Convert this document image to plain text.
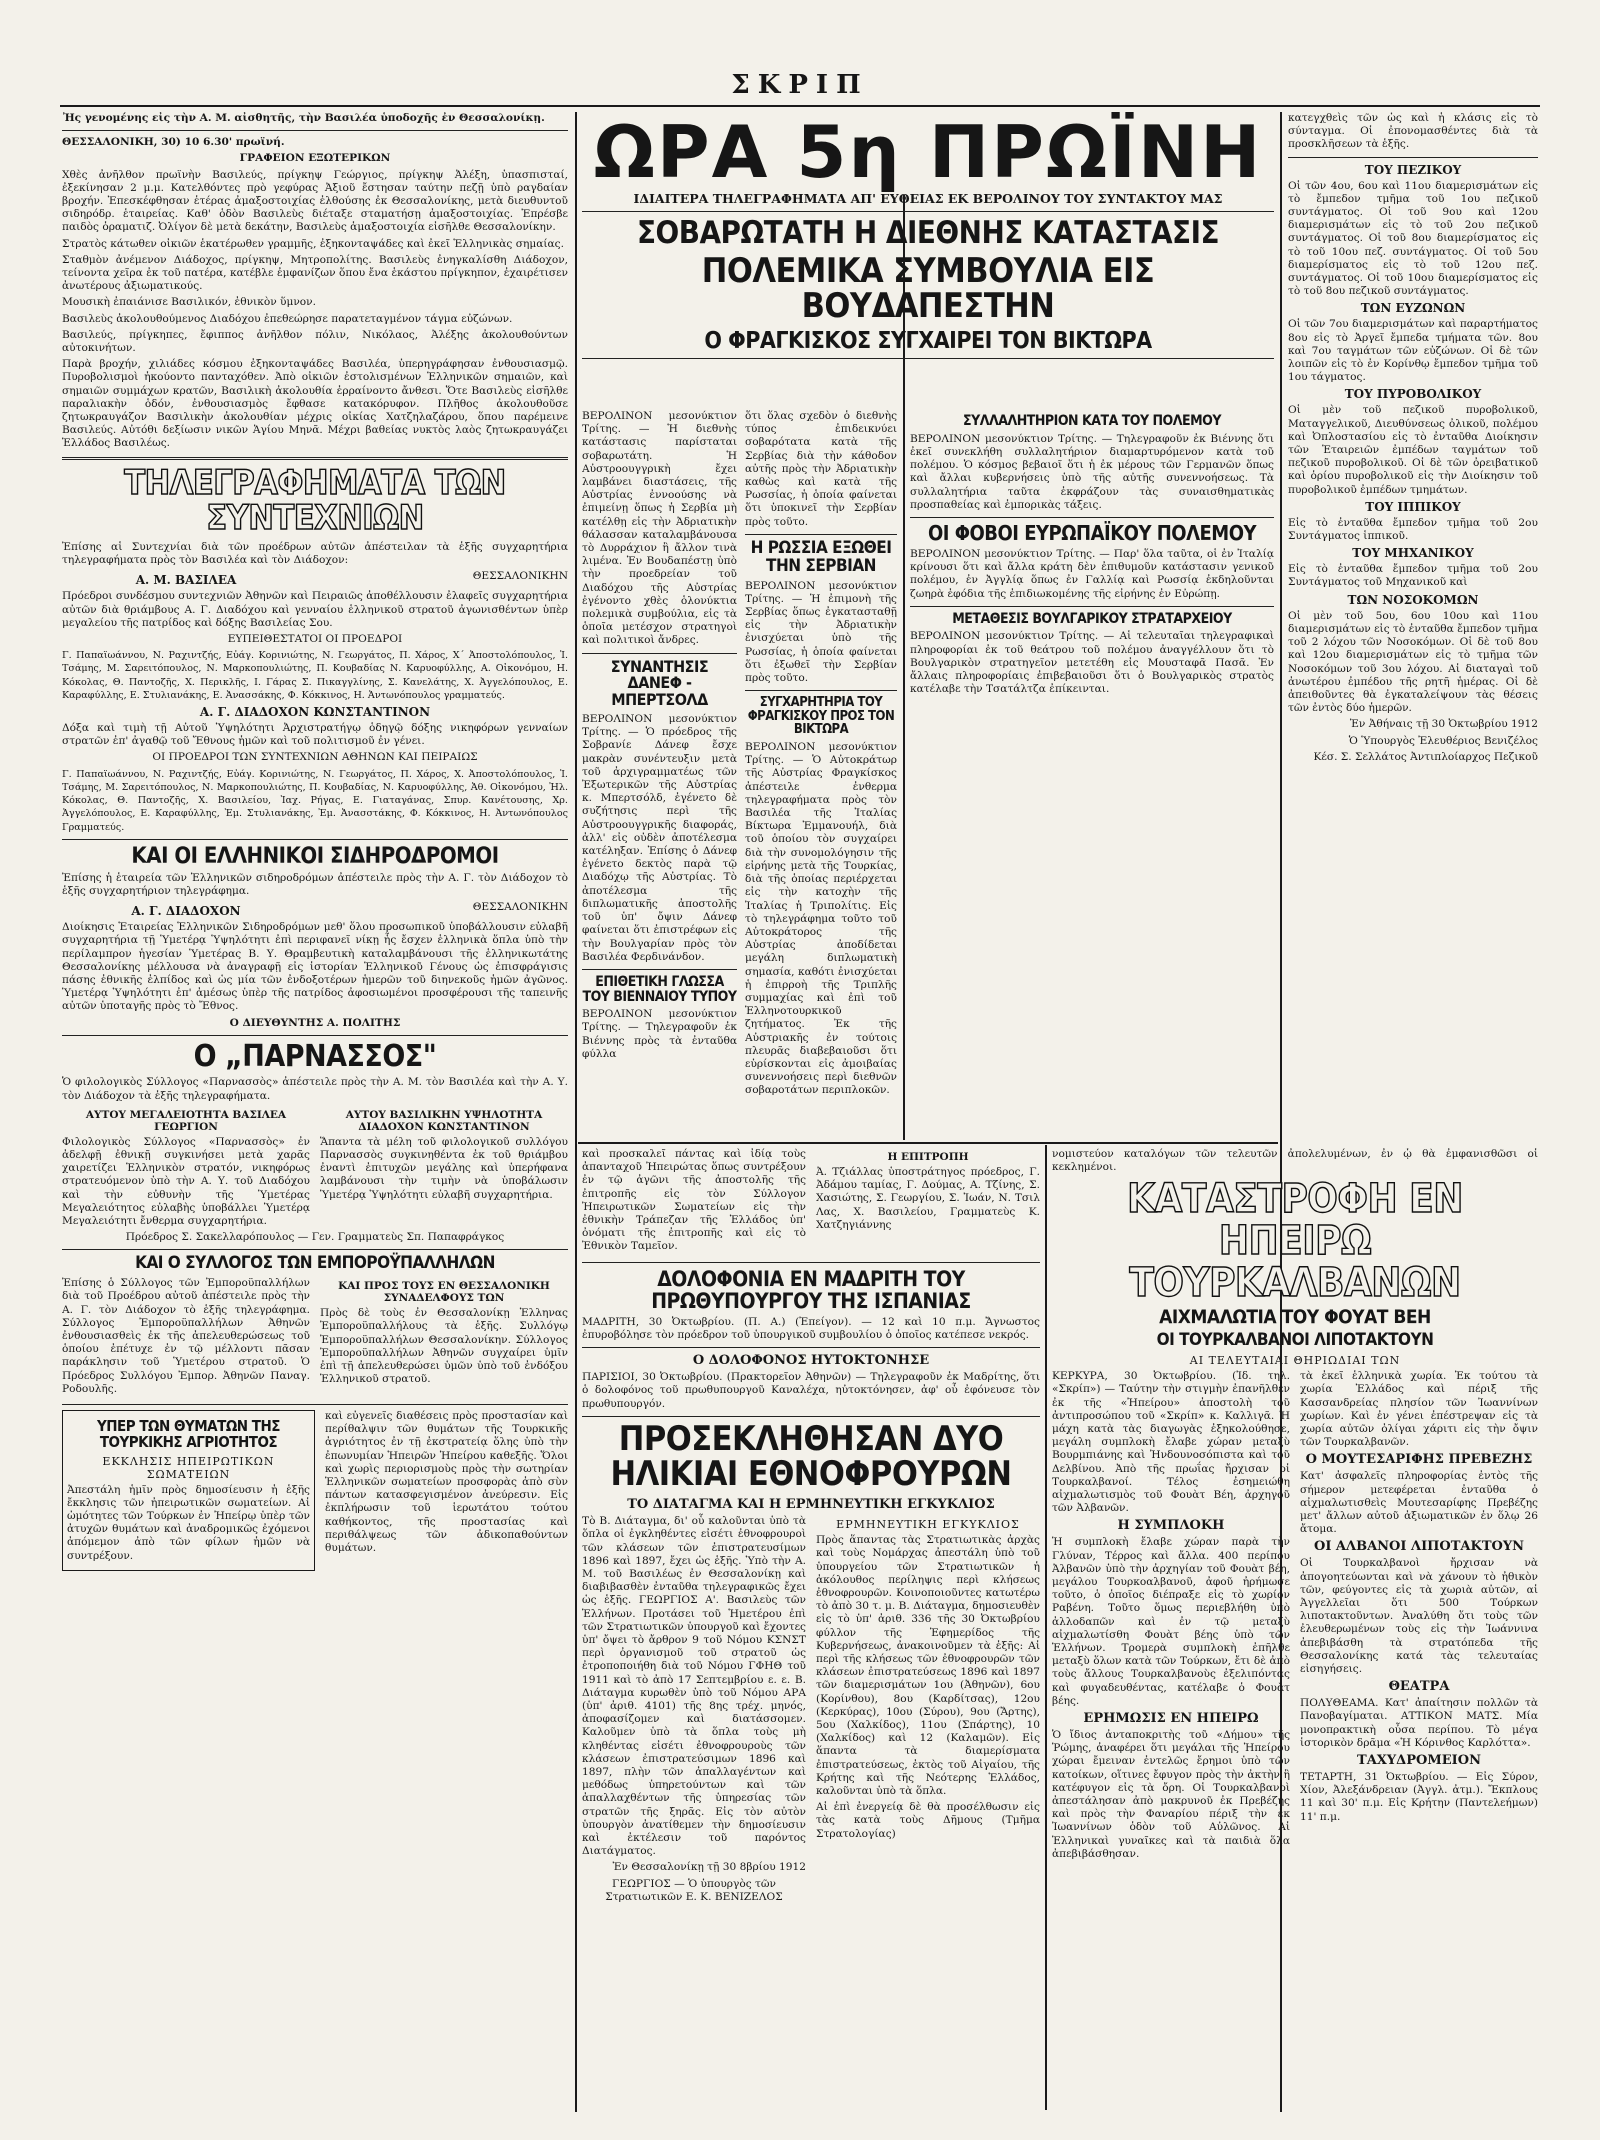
ΣΚΡΙΠ

Ἦς γενομένης εἰς τὴν Α. Μ. αἰσθητῆς, τὴν Βασιλέα ὑποδοχῆς ἐν Θεσσαλονίκῃ.

ΘΕΣΣΑΛΟΝΙΚΗ, 30) 10 6.30' πρωϊνή.

ΓΡΑΦΕΙΟΝ ΕΞΩΤΕΡΙΚΩΝ

Χθὲς ἀνῆλθον πρωϊνὴν Βασιλεύς, πρίγκηψ Γεώργιος, πρίγκηψ Ἀλέξη, ὑπασπισταί, ἐξεκίνησαν 2 μ.μ. Κατελθόντες πρὸ γεφύρας Ἀξιοῦ ἔστησαν ταύτην πεζῇ ὑπὸ ραγδαίαν βροχήν. Ἐπεσκέφθησαν ἑτέρας ἀμαξοστοιχίας ἐλθούσης ἐκ Θεσσαλονίκης, μετὰ διευθυντοῦ σιδηρόδρ. ἑταιρείας. Καθ' ὁδὸν Βασιλεὺς διέταξε σταματήσῃ ἀμαξοστοιχίας. Ἐπρέσβε παιδὸς ὁραματιζ. Ὀλίγον δὲ μετὰ δεκάτην, Βασιλεὺς ἁμαξοστοιχία εἰσῆλθε Θεσσαλονίκην.

Στρατὸς κάτωθεν οἰκιῶν ἑκατέρωθεν γραμμῆς, ἐξηκονταψάδες καὶ ἐκεῖ Ἑλληνικὰς σημαίας.

Σταθμὸν ἀνέμενον Διάδοχος, πρίγκηψ, Μητροπολίτης. Βασιλεὺς ἐνηγκαλίσθη Διάδοχον, τείνοντα χεῖρα ἐκ τοῦ πατέρα, κατέβλε ἐμφανίζων ὅπου ἔνα ἑκάστου πρίγκηπον, ἐχαιρέτισεν ἀνωτέρους ἀξιωματικούς.

Μουσικὴ ἐπαιάνισε Βασιλικόν, ἐθνικὸν ὕμνον.

Βασιλεὺς ἀκολουθούμενος Διαδόχου ἐπεθεώρησε παρατεταγμένον τάγμα εὐζώνων.

Βασιλεύς, πρίγκηπες, ἔφιππος ἀνῆλθον πόλιν, Νικόλαος, Ἀλέξης ἀκολουθούντων αὐτοκινήτων.

Παρὰ βροχήν, χιλιάδες κόσμου ἐξηκονταψάδες Βασιλέα, ὑπερηγράφησαν ἐνθουσιασμῷ. Πυροβολισμοὶ ἠκούοντο πανταχόθεν. Ἀπὸ οἰκιῶν ἐστολισμένων Ἑλληνικῶν σημαιῶν, καὶ σημαιῶν συμμάχων κρατῶν, Βασιλικὴ ἀκολουθία ἐρραίνοντο ἄνθεσι. Ὅτε Βασιλεὺς εἰσῆλθε παραλιακὴν ὁδόν, ἐνθουσιασμὸς ἔφθασε κατακόρυφον. Πλῆθος ἀκολουθοῦσε ζητωκραυγάζον Βασιλικὴν ἀκολουθίαν μέχρις οἰκίας Χατζηλαζάρου, ὅπου παρέμεινε Βασιλεύς. Αὐτόθι δεξίωσιν νικῶν Ἁγίου Μηνᾶ. Μέχρι βαθείας νυκτὸς λαὸς ζητωκραυγάζει Ἑλλάδος Βασιλέως.

ΤΗΛΕΓΡΑΦΗΜΑΤΑ ΤΩΝ ΣΥΝΤΕΧΝΙΩΝ

Ἐπίσης αἱ Συντεχνίαι διὰ τῶν προέδρων αὐτῶν ἀπέστειλαν τὰ ἑξῆς συγχαρητήρια τηλεγραφήματα πρὸς τὸν Βασιλέα καὶ τὸν Διάδοχον:

Α. Μ. ΒΑΣΙΛΕΑ	ΘΕΣΣΑΛΟΝΙΚΗΝ

Πρόεδροι συνδέσμου συντεχνιῶν Ἀθηνῶν καὶ Πειραιῶς ἀποθέλλουσιν ἐλαφεῖς συγχαρητήρια αὐτῶν διὰ θριάμβους Α. Γ. Διαδόχου καὶ γενναίου ἑλληνικοῦ στρατοῦ ἀγωνισθέντων ὑπὲρ μεγαλείου τῆς πατρίδος καὶ δόξης Βασιλείας Σου.

ΕΥΠΕΙΘΕΣΤΑΤΟΙ ΟΙ ΠΡΟΕΔΡΟΙ

Γ. Παπαϊωάννου, Ν. Ραχιντζής, Εὐάγ. Κορινιώτης, Ν. Γεωργάτος, Π. Χάρος, Χ΄ Ἀποστολόπουλος, Ἰ. Τσάμης, Μ. Σαρειτόπουλος, Ν. Μαρκοπουλιώτης, Π. Κουβαδίας Ν. Καρυοφύλλης, Α. Οἰκονόμου, Η. Κόκολας, Θ. Παντοζῆς, Χ. Περικλῆς, Ι. Γάρας Σ. Πικαγγλίνης, Σ. Κανελάτης, Χ. Ἀγγελόπουλος, Ε. Καραφύλλης, Ε. Στυλιανάκης, Ε. Ἀνασσάκης, Φ. Κόκκινος, Η. Ἀντωνόπουλος γραμματεύς.

Α. Γ. ΔΙΑΔΟΧΟΝ ΚΩΝΣΤΑΝΤΙΝΟΝ

Δόξα καὶ τιμὴ τῇ Αὐτοῦ Ὑψηλότητι Ἀρχιστρατήγῳ ὁδηγῷ δόξης νικηφόρων γενναίων στρατῶν ἐπ' ἀγαθῷ τοῦ Ἔθνους ἡμῶν καὶ τοῦ πολιτισμοῦ ἐν γένει.

ΟΙ ΠΡΟΕΔΡΟΙ ΤΩΝ ΣΥΝΤΕΧΝΙΩΝ ΑΘΗΝΩΝ ΚΑΙ ΠΕΙΡΑΙΩΣ

Γ. Παπαϊωάννου, Ν. Ραχιντζής, Εὐάγ. Κορινιώτης, Ν. Γεωργάτος, Π. Χάρος, Χ. Ἀποστολόπουλος, Ἰ. Τσάμης, Μ. Σαρειτόπουλος, Ν. Μαρκοπουλιώτης, Π. Κουβαδίας, Ν. Καρυοφύλλης, Ἀθ. Οἰκονόμου, Ἠλ. Κόκολας, Θ. Παντοζῆς, Χ. Βασιλείου, Ἰαχ. Ρήγας, Ε. Γιαταγάνας, Σπυρ. Κανέτουσης, Χρ. Ἀγγελόπουλος, Ε. Καραφύλλης, Ἐμ. Στυλιανάκης, Ἐμ. Ἀνασστάκης, Φ. Κόκκινος, Η. Ἀντωνόπουλος Γραμματεύς.

ΚΑΙ ΟΙ ΕΛΛΗΝΙΚΟΙ ΣΙΔΗΡΟΔΡΟΜΟΙ

Ἐπίσης ἡ ἑταιρεία τῶν Ἑλληνικῶν σιδηροδρόμων ἀπέστειλε πρὸς τὴν Α. Γ. τὸν Διάδοχον τὸ ἑξῆς συγχαρητήριον τηλεγράφημα.

Α. Γ. ΔΙΑΔΟΧΟΝ	ΘΕΣΣΑΛΟΝΙΚΗΝ

Διοίκησις Ἑταιρείας Ἑλληνικῶν Σιδηροδρόμων μεθ' ὅλου προσωπικοῦ ὑποβάλλουσιν εὐλαβῆ συγχαρητήρια τῇ Ὑμετέρᾳ Ὑψηλότητι ἐπὶ περιφανεῖ νίκῃ ἧς ἔσχεν ἑλληνικὰ ὅπλα ὑπὸ τὴν περίλαμπρον ἡγεσίαν Ὑμετέρας Β. Υ. Θραμβευτικὴ καταλαμβάνουσι τῆς ἑλληνικωτάτης Θεσσαλονίκης μέλλουσα νὰ ἀναγραφῇ εἰς ἱστορίαν Ἑλληνικοῦ Γένους ὡς ἐπισφράγισις πάσης ἐθνικῆς ἐλπίδος καὶ ὡς μία τῶν ἐνδοξοτέρων ἡμερῶν τοῦ διηνεκοῦς ἡμῶν ἀγῶνος. Ὑμετέρᾳ Ὑψηλότητι ἐπ' ἀμέσως ὑπὲρ τῆς πατρίδος ἀφοσιωμένοι προσφέρουσι τῆς ταπεινῆς αὐτῶν ὑποταγῆς πρὸς τὸ Ἔθνος.

Ο ΔΙΕΥΘΥΝΤΗΣ Α. ΠΟΛΙΤΗΣ

Ο „ΠΑΡΝΑΣΣΟΣ"

Ὁ φιλολογικὸς Σύλλογος «Παρνασσὸς» ἀπέστειλε πρὸς τὴν Α. Μ. τὸν Βασιλέα καὶ τὴν Α. Υ. τὸν Διάδοχον τὰ ἑξῆς τηλεγραφήματα.

ΑΥΤΟΥ ΜΕΓΑΛΕΙΟΤΗΤΑ ΒΑΣΙΛΕΑ ΓΕΩΡΓΙΟΝ

Φιλολογικὸς Σύλλογος «Παρνασσὸς» ἐν ἀδελφῇ ἐθνικῇ συγκινήσει μετὰ χαρᾶς χαιρετίζει Ἑλληνικὸν στρατόν, νικηφόρως στρατευόμενον ὑπὸ τὴν Α. Υ. τοῦ Διαδόχου καὶ τὴν εὐθυνὴν τῆς Ὑμετέρας Μεγαλειότητος εὐλαβὴς ὑποβάλλει Ὑμετέρᾳ Μεγαλειότητι ἔνθερμα συγχαρητήρια.

ΑΥΤΟΥ ΒΑΣΙΛΙΚΗΝ ΥΨΗΛΟΤΗΤΑ ΔΙΑΔΟΧΟΝ ΚΩΝΣΤΑΝΤΙΝΟΝ

Ἅπαντα τὰ μέλη τοῦ φιλολογικοῦ συλλόγου Παρνασσὸς συγκινηθέντα ἐκ τοῦ θριάμβου ἐναντὶ ἐπιτυχῶν μεγάλης καὶ ὑπερήφανα λαμβάνουσι τὴν τιμὴν νὰ ὑποβάλωσιν Ὑμετέρᾳ Ὑψηλότητι εὐλαβῆ συγχαρητήρια.

Πρόεδρος Σ. Σακελλαρόπουλος — Γεν. Γραμματεὺς Σπ. Παπαφράγκος

ΚΑΙ Ο ΣΥΛΛΟΓΟΣ ΤΩΝ ΕΜΠΟΡΟΫΠΑΛΛΗΛΩΝ

Ἐπίσης ὁ Σύλλογος τῶν Ἐμποροϋπαλλήλων διὰ τοῦ Προέδρου αὐτοῦ ἀπέστειλε πρὸς τὴν Α. Γ. τὸν Διάδοχον τὸ ἑξῆς τηλεγράφημα. Σύλλογος Ἐμποροϋπαλλήλων Ἀθηνῶν ἐνθουσιασθεὶς ἐκ τῆς ἀπελευθερώσεως τοῦ ὁποίου ἐπέτυχε ἐν τῷ μέλλοντι πᾶσαν παράκλησιν τοῦ Ὑμετέρου στρατοῦ. Ὁ Πρόεδρος Συλλόγου Ἐμπορ. Ἀθηνῶν Παναγ. Ροδουλῆς.

ΚΑΙ ΠΡΟΣ ΤΟΥΣ ΕΝ ΘΕΣΣΑΛΟΝΙΚΗ ΣΥΝΑΔΕΛΦΟΥΣ ΤΩΝ

Πρὸς δὲ τοὺς ἐν Θεσσαλονίκῃ Ἑλληνας Ἐμποροϋπαλλήλους τὰ ἑξῆς. Συλλόγῳ Ἐμποροϋπαλλήλων Θεσσαλονίκην. Σύλλογος Ἐμποροϋπαλλήλων Ἀθηνῶν συγχαίρει ὑμῖν ἐπὶ τῇ ἀπελευθερώσει ὑμῶν ὑπὸ τοῦ ἐνδόξου Ἑλληνικοῦ στρατοῦ.

ΥΠΕΡ ΤΩΝ ΘΥΜΑΤΩΝ ΤΗΣ ΤΟΥΡΚΙΚΗΣ ΑΓΡΙΟΤΗΤΟΣ
ΕΚΚΛΗΣΙΣ ΗΠΕΙΡΩΤΙΚΩΝ ΣΩΜΑΤΕΙΩΝ

Ἀπεστάλη ἡμῖν πρὸς δημοσίευσιν ἡ ἑξῆς ἔκκλησις τῶν ἠπειρωτικῶν σωματείων. Αἱ ὠμότητες τῶν Τούρκων ἐν Ἠπείρῳ ὑπὲρ τῶν ἀτυχῶν θυμάτων καὶ ἀναδρομικῶς ἐχόμενοι ἀπόμεμον ἀπὸ τῶν φίλων ἡμῶν νὰ συντρέξουν.

καὶ εὐγενεῖς διαθέσεις πρὸς προστασίαν καὶ περίθαλψιν τῶν θυμάτων τῆς Τουρκικῆς ἀγριότητος ἐν τῇ ἐκστρατείᾳ ὅλης ὑπὸ τὴν ἐπωνυμίαν Ἡπειρῶν Ἠπείρου καθεξῆς. Ὅλοι καὶ χωρὶς περιορισμοὺς πρὸς τὴν σωτηρίαν Ἑλληνικῶν σωματείων προσφορὰς ἀπὸ σὺν πάντων κατασφεγισμένον ἀνεύρεσιν. Εἰς ἐκπλήρωσιν τοῦ ἱερωτάτου τούτου καθήκοντος, τῆς προστασίας καὶ περιθάλψεως τῶν ἀδικοπαθούντων θυμάτων.

ΩΡΑ 5η ΠΡΩΪΝΗ
ΙΔΙΑΙΤΕΡΑ ΤΗΛΕΓΡΑΦΗΜΑΤΑ ΑΠ' ΕΥΘΕΙΑΣ ΕΚ ΒΕΡΟΛΙΝΟΥ ΤΟΥ ΣΥΝΤΑΚΤΟΥ ΜΑΣ
ΣΟΒΑΡΩΤΑΤΗ Η ΔΙΕΘΝΗΣ ΚΑΤΑΣΤΑΣΙΣ
ΠΟΛΕΜΙΚΑ ΣΥΜΒΟΥΛΙΑ ΕΙΣ ΒΟΥΔΑΠΕΣΤΗΝ
Ο ΦΡΑΓΚΙΣΚΟΣ ΣΥΓΧΑΙΡΕΙ ΤΟΝ ΒΙΚΤΩΡΑ

ΒΕΡΟΛΙΝΟΝ μεσονύκτιον Τρίτης. — Ἡ διεθνὴς κατάστασις παρίσταται σοβαρωτάτη. Ἡ Αὐστροουγγρικὴ ἔχει λαμβάνει διαστάσεις, τῆς Αὐστρίας ἐννοούσης νὰ ἐπιμείνῃ ὅπως ἡ Σερβία μὴ κατέλθῃ εἰς τὴν Ἀδριατικὴν θάλασσαν καταλαμβάνουσα τὸ Δυρράχιον ἢ ἄλλον τινὰ λιμένα. Ἐν Βουδαπέστῃ ὑπὸ τὴν προεδρείαν τοῦ Διαδόχου τῆς Αὐστρίας ἐγένοντο χθὲς ὁλονύκτια πολεμικὰ συμβούλια, εἰς τὰ ὁποῖα μετέσχον στρατηγοὶ καὶ πολιτικοὶ ἄνδρες.

ΣΥΝΑΝΤΗΣΙΣ ΔΑΝΕΦ - ΜΠΕΡΤΣΟΛΔ

ΒΕΡΟΛΙΝΟΝ μεσονύκτιον Τρίτης. — Ὁ πρόεδρος τῆς Σοβρανίε Δάνεφ ἔσχε μακρὰν συνέντευξιν μετὰ τοῦ ἀρχιγραμματέως τῶν Ἐξωτερικῶν τῆς Αὐστρίας κ. Μπερτσόλδ, ἐγένετο δὲ συζήτησις περὶ τῆς Αὐστροουγγρικῆς διαφοράς, ἀλλ' εἰς οὐδὲν ἀποτέλεσμα κατέληξαν. Ἐπίσης ὁ Δάνεφ ἐγένετο δεκτὸς παρὰ τῷ Διαδόχῳ τῆς Αὐστρίας. Τὸ ἀποτέλεσμα τῆς διπλωματικῆς ἀποστολῆς τοῦ ὑπ' ὄψιν Δάνεφ φαίνεται ὅτι ἐπιστρέφων εἰς τὴν Βουλγαρίαν πρὸς τὸν Βασιλέα Φερδινάνδον.

ΕΠΙΘΕΤΙΚΗ ΓΛΩΣΣΑ ΤΟΥ ΒΙΕΝΝΑΙΟΥ ΤΥΠΟΥ

ΒΕΡΟΛΙΝΟΝ μεσονύκτιον Τρίτης. — Τηλεγραφοῦν ἐκ Βιέννης πρὸς τὰ ἐνταῦθα φύλλα

ὅτι ὅλας σχεδὸν ὁ διεθνὴς τύπος ἐπιδεικνύει σοβαρότατα κατὰ τῆς Σερβίας διὰ τὴν κάθοδον αὐτῆς πρὸς τὴν Ἀδριατικὴν καθὼς καὶ κατὰ τῆς Ρωσσίας, ἡ ὁποία φαίνεται ὅτι ὑποκινεῖ τὴν Σερβίαν πρὸς τοῦτο.

Η ΡΩΣΣΙΑ ΕΞΩΘΕΙ ΤΗΝ ΣΕΡΒΙΑΝ

ΒΕΡΟΛΙΝΟΝ μεσονύκτιον Τρίτης. — Ἡ ἐπιμονὴ τῆς Σερβίας ὅπως ἐγκατασταθῇ εἰς τὴν Ἀδριατικὴν ἐνισχύεται ὑπὸ τῆς Ρωσσίας, ἡ ὁποία φαίνεται ὅτι ἐξωθεῖ τὴν Σερβίαν πρὸς τοῦτο.

ΣΥΓΧΑΡΗΤΗΡΙΑ ΤΟΥ ΦΡΑΓΚΙΣΚΟΥ ΠΡΟΣ ΤΟΝ ΒΙΚΤΩΡΑ

ΒΕΡΟΛΙΝΟΝ μεσονύκτιον Τρίτης. — Ὁ Αὐτοκράτωρ τῆς Αὐστρίας Φραγκίσκος ἀπέστειλε ἐνθερμα τηλεγραφήματα πρὸς τὸν Βασιλέα τῆς Ἰταλίας Βίκτωρα Ἐμμανουήλ, διὰ τοῦ ὁποίου τὸν συγχαίρει διὰ τὴν συνομολόγησιν τῆς εἰρήνης μετὰ τῆς Τουρκίας, διὰ τῆς ὁποίας περιέρχεται εἰς τὴν κατοχὴν τῆς Ἰταλίας ἡ Τριπολίτις. Εἰς τὸ τηλεγράφημα τοῦτο τοῦ Αὐτοκράτορος τῆς Αὐστρίας ἀποδίδεται μεγάλη διπλωματικὴ σημασία, καθότι ἐνισχύεται ἡ ἐπιρροὴ τῆς Τριπλῆς συμμαχίας καὶ ἐπὶ τοῦ Ἑλληνοτουρκικοῦ ζητήματος. Ἐκ τῆς Αὐστριακῆς ἐν τούτοις πλευρᾶς διαβεβαιοῦσι ὅτι εὑρίσκονται εἰς ἀμοιβαίας συνεννοήσεις περὶ διεθνῶν σοβαροτάτων περιπλοκῶν.

ΣΥΛΛΑΛΗΤΗΡΙΟΝ ΚΑΤΑ ΤΟΥ ΠΟΛΕΜΟΥ

ΒΕΡΟΛΙΝΟΝ μεσονύκτιον Τρίτης. — Τηλεγραφοῦν ἐκ Βιέννης ὅτι ἐκεῖ συνεκλήθη συλλαλητήριον διαμαρτυρόμενον κατὰ τοῦ πολέμου. Ὁ κόσμος βεβαιοῖ ὅτι ἡ ἐκ μέρους τῶν Γερμανῶν ὅπως καὶ ἄλλαι κυβερνήσεις ὑπὸ τῆς αὐτῆς συνεννοήσεως. Τὰ συλλαλητήρια ταῦτα ἐκφράζουν τὰς συναισθηματικὰς προσπαθείας καὶ ἐμπορικὰς τάξεις.

ΟΙ ΦΟΒΟΙ ΕΥΡΩΠΑΪΚΟΥ ΠΟΛΕΜΟΥ

ΒΕΡΟΛΙΝΟΝ μεσονύκτιον Τρίτης. — Παρ' ὅλα ταῦτα, οἱ ἐν Ἰταλίᾳ κρίνουσι ὅτι καὶ ἄλλα κράτη δὲν ἐπιθυμοῦν κατάστασιν γενικοῦ πολέμου, ἐν Ἀγγλίᾳ ὅπως ἐν Γαλλίᾳ καὶ Ρωσσίᾳ ἐκδηλοῦνται ζωηρὰ ἐφόδια τῆς ἐπιδιωκομένης τῆς εἰρήνης ἐν Εὐρώπῃ.

ΜΕΤΑΘΕΣΙΣ ΒΟΥΛΓΑΡΙΚΟΥ ΣΤΡΑΤΑΡΧΕΙΟΥ

ΒΕΡΟΛΙΝΟΝ μεσονύκτιον Τρίτης. — Αἱ τελευταῖαι τηλεγραφικαὶ πληροφορίαι ἐκ τοῦ θεάτρου τοῦ πολέμου ἀναγγέλλουν ὅτι τὸ Βουλγαρικὸν στρατηγεῖον μετετέθη εἰς Μουσταφᾶ Πασᾶ. Ἐν ἄλλαις πληροφορίαις ἐπιβεβαιοῦσι ὅτι ὁ Βουλγαρικὸς στρατὸς κατέλαβε τὴν Τσατάλτζα ἐπίκεινται.

κατεγχθεὶς τῶν ὡς καὶ ἡ κλάσις εἰς τὸ σύνταγμα. Οἱ ἐπονομασθέντες διὰ τὰ προσκλῆσεων τὰ ἑξῆς.

ΤΟΥ ΠΕΖΙΚΟΥ

Οἱ τῶν 4ου, 6ου καὶ 11ου διαμερισμάτων εἰς τὸ ἔμπεδον τμῆμα τοῦ 1ου πεζικοῦ συντάγματος. Οἱ τοῦ 9ου καὶ 12ου διαμερισμάτων εἰς τὸ τοῦ 2ου πεζικοῦ συντάγματος. Οἱ τοῦ 8ου διαμερίσματος εἰς τὸ τοῦ 10ου πεζ. συντάγματος. Οἱ τοῦ 5ου διαμερίσματος εἰς τὸ τοῦ 12ου πεζ. συντάγματος. Οἱ τοῦ 10ου διαμερίσματος εἰς τὸ τοῦ 8ου πεζικοῦ συντάγματος.

ΤΩΝ ΕΥΖΩΝΩΝ

Οἱ τῶν 7ου διαμερισμάτων καὶ παραρτήματος 8ου εἰς τὸ Ἀργεῖ ἔμπεδα τμήματα τῶν. 8ου καὶ 7ου ταγμάτων τῶν εὐζώνων. Οἱ δὲ τῶν λοιπῶν εἰς τὸ ἐν Κορίνθῳ ἔμπεδον τμῆμα τοῦ 1ου τάγματος.

ΤΟΥ ΠΥΡΟΒΟΛΙΚΟΥ

Οἱ μὲν τοῦ πεζικοῦ πυροβολικοῦ, Ματαγγελικοῦ, Διευθύνσεως ὀλικοῦ, πολέμου καὶ Ὀπλοστασίου εἰς τὸ ἐνταῦθα Διοίκησιν τῶν Ἑταιρειῶν ἐμπέδων ταγμάτων τοῦ πεζικοῦ πυροβολικοῦ. Οἱ δὲ τῶν ὀρειβατικοῦ καὶ ὁρίου πυροβολικοῦ εἰς τὴν Διοίκησιν τοῦ πυροβολικοῦ ἐμπέδων τμημάτων.

ΤΟΥ ΙΠΠΙΚΟΥ

Εἰς τὸ ἐνταῦθα ἔμπεδον τμῆμα τοῦ 2ου Συντάγματος ἱππικοῦ.

ΤΟΥ ΜΗΧΑΝΙΚΟΥ

Εἰς τὸ ἐνταῦθα ἔμπεδον τμῆμα τοῦ 2ου Συντάγματος τοῦ Μηχανικοῦ καὶ

ΤΩΝ ΝΟΣΟΚΟΜΩΝ

Οἱ μὲν τοῦ 5ου, 6ου 10ου καὶ 11ου διαμερισμάτων εἰς τὸ ἐνταῦθα ἔμπεδον τμῆμα τοῦ 2 λόχου τῶν Νοσοκόμων. Οἱ δὲ τοῦ 8ου καὶ 12ου διαμερισμάτων εἰς τὸ τμῆμα τῶν Νοσοκόμων τοῦ 3ου λόχου. Αἱ διαταγαὶ τοῦ ἀνωτέρου ἐμπέδου τῆς ρητῆ ἡμέρας. Οἱ δὲ ἀπειθοῦντες θὰ ἐγκαταλείψουν τὰς θέσεις τῶν ἐντὸς δύο ἡμερῶν.

Ἐν Ἀθήναις τῇ 30 Ὀκτωβρίου 1912

Ὁ Ὑπουργὸς Ἐλευθέριος Βενιζέλος

Κέσ. Σ. Σελλάτος Ἀντιπλοίαρχος Πεζικοῦ

καὶ προσκαλεῖ πάντας καὶ ἰδίᾳ τοὺς ἀπανταχοῦ Ἠπειρώτας ὅπως συντρέξουν ἐν τῷ ἀγῶνι τῆς ἀποστολῆς τῆς ἐπιτροπῆς εἰς τὸν Σύλλογον Ἠπειρωτικῶν Σωματείων εἰς τὴν ἐθνικὴν Τράπεζαν τῆς Ἑλλάδος ὑπ' ὀνόματι τῆς ἐπιτροπῆς καὶ εἰς τὸ Ἐθνικὸν Ταμεῖον.

Η ΕΠΙΤΡΟΠΗ

Ἀ. Τζιάλλας ὑποστράτηγος πρόεδρος, Γ. Ἀδάμου ταμίας, Γ. Δούμας, Α. Τζίνης, Σ. Χασιώτης, Σ. Γεωργίου, Σ. Ἰωάν, Ν. Τσιλ Λας, Χ. Βασιλείου, Γραμματεὺς Κ. Χατζηγιάννης

ΔΟΛΟΦΟΝΙΑ ΕΝ ΜΑΔΡΙΤΗ ΤΟΥ ΠΡΩΘΥΠΟΥΡΓΟΥ ΤΗΣ ΙΣΠΑΝΙΑΣ

ΜΑΔΡΙΤΗ, 30 Ὀκτωβρίου. (Π. Α.) (Ἐπείγον). — 12 καὶ 10 π.μ. Ἄγνωστος ἐπυροβόλησε τὸν πρόεδρον τοῦ ὑπουργικοῦ συμβουλίου ὁ ὁποῖος κατέπεσε νεκρός.

Ο ΔΟΛΟΦΟΝΟΣ ΗΥΤΟΚΤΟΝΗΣΕ

ΠΑΡΙΣΙΟΙ, 30 Ὀκτωβρίου. (Πρακτορεῖον Ἀθηνῶν) — Τηλεγραφοῦν ἐκ Μαδρίτης, ὅτι ὁ δολοφόνος τοῦ πρωθυπουργοῦ Καναλέχα, ηὐτοκτόνησεν, ἀφ' οὗ ἐφόνευσε τὸν πρωθυπουργόν.

ΠΡΟΣΕΚΛΗΘΗΣΑΝ ΔΥΟ ΗΛΙΚΙΑΙ ΕΘΝΟΦΡΟΥΡΩΝ
ΤΟ ΔΙΑΤΑΓΜΑ ΚΑΙ Η ΕΡΜΗΝΕΥΤΙΚΗ ΕΓΚΥΚΛΙΟΣ

Τὸ Β. Διάταγμα, δι' οὗ καλοῦνται ὑπὸ τὰ ὅπλα οἱ ἐγκληθέντες εἰσέτι ἐθνοφρουροὶ τῶν κλάσεων τῶν ἐπιστρατευσίμων 1896 καὶ 1897, ἔχει ὡς ἑξῆς. Ὑπὸ τὴν Α. Μ. τοῦ Βασιλέως ἐν Θεσσαλονίκῃ καὶ διαβιβασθὲν ἐνταῦθα τηλεγραφικῶς ἔχει ὡς ἑξῆς. ΓΕΩΡΓΙΟΣ Α'. Βασιλεὺς τῶν Ἑλλήνων. Προτάσει τοῦ Ἡμετέρου ἐπὶ τῶν Στρατιωτικῶν ὑπουργοῦ καὶ ἔχοντες ὑπ' ὄψει τὸ ἄρθρον 9 τοῦ Νόμου ΚΣΝΣΤ περὶ ὀργανισμοῦ τοῦ στρατοῦ ὡς ἐτροποποιήθη διὰ τοῦ Νόμου ΓΦΗΘ τοῦ 1911 καὶ τὸ ἀπὸ 17 Σεπτεμβρίου ε. ε. Β. Διάταγμα κυρωθὲν ὑπὸ τοῦ Νόμου ΑΡΑ (ὑπ' ἀριθ. 4101) τῆς 8ης τρέχ. μηνός, ἀποφασίζομεν καὶ διατάσσομεν. Καλοῦμεν ὑπὸ τὰ ὅπλα τοὺς μὴ κληθέντας εἰσέτι ἐθνοφρουροὺς τῶν κλάσεων ἐπιστρατεύσιμων 1896 καὶ 1897, πλὴν τῶν ἀπαλλαγέντων καὶ μεθόδως ὑπηρετούντων καὶ τῶν ἀπαλλαχθέντων τῆς ὑπηρεσίας τῶν στρατῶν τῆς ξηρᾶς. Εἰς τὸν αὐτὸν ὑπουργὸν ἀνατίθεμεν τὴν δημοσίευσιν καὶ ἐκτέλεσιν τοῦ παρόντος Διατάγματος.

Ἐν Θεσσαλονίκῃ τῇ 30 8βρίου 1912

ΓΕΩΡΓΙΟΣ — Ὁ ὑπουργὸς τῶν Στρατιωτικῶν Ε. Κ. ΒΕΝΙΖΕΛΟΣ

ΕΡΜΗΝΕΥΤΙΚΗ ΕΓΚΥΚΛΙΟΣ

Πρὸς ἅπαντας τὰς Στρατιωτικὰς ἀρχὰς καὶ τοὺς Νομάρχας ἀπεστάλη ὑπὸ τοῦ ὑπουργείου τῶν Στρατιωτικῶν ἡ ἀκόλουθος περίληψις περὶ κλήσεως ἐθνοφρουρῶν. Κοινοποιοῦντες κατωτέρω τὸ ἀπὸ 30 τ. μ. Β. Διάταγμα, δημοσιευθὲν εἰς τὸ ὑπ' ἀριθ. 336 τῆς 30 Ὀκτωβρίου φύλλον τῆς Ἐφημερίδος τῆς Κυβερνήσεως, ἀνακοινοῦμεν τὰ ἑξῆς: Αἱ περὶ τῆς κλήσεως τῶν ἐθνοφρουρῶν τῶν κλάσεων ἐπιστρατεύσεως 1896 καὶ 1897 τῶν διαμερισμάτων 1ου (Ἀθηνῶν), 6ου (Κορίνθου), 8ου (Καρδίτσας), 12ου (Κερκύρας), 10ου (Σύρου), 9ου (Ἄρτης), 5ου (Χαλκίδος), 11ου (Σπάρτης), 10 (Χαλκίδος) καὶ 12 (Καλαμῶν). Εἰς ἅπαντα τὰ διαμερίσματα ἐπιστρατεύσεως, ἐκτὸς τοῦ Αἰγαίου, τῆς Κρήτης καὶ τῆς Νεότερης Ἑλλάδος, καλοῦνται ὑπὸ τὰ ὅπλα.

Αἱ ἐπὶ ἐνεργείᾳ δὲ θὰ προσέλθωσιν εἰς τὰς κατὰ τοὺς Δῆμους (Τμῆμα Στρατολογίας)

νομιστεύον καταλόγων τῶν τελευτῶν ἀπολελυμένων, ἐν ᾧ θὰ ἐμφανισθῶσι οἱ κεκλημένοι.

ΚΑΤΑΣΤΡΟΦΗ ΕΝ ΗΠΕΙΡΩ ΤΟΥΡΚΑΛΒΑΝΩΝ
ΑΙΧΜΑΛΩΤΙΑ ΤΟΥ ΦΟΥΑΤ ΒΕΗ
ΟΙ ΤΟΥΡΚΑΛΒΑΝΟΙ ΛΙΠΟΤΑΚΤΟΥΝ
ΑΙ ΤΕΛΕΥΤΑΙΑΙ ΘΗΡΙΩΔΙΑΙ ΤΩΝ

ΚΕΡΚΥΡΑ, 30 Ὀκτωβρίου. (Ἰδ. τηλ. «Σκρίπ») — Ταύτην τὴν στιγμὴν ἐπανῆλθεν ἐκ τῆς «Ἠπείρου» ἀποστολὴ τοῦ ἀντιπροσώπου τοῦ «Σκρίπ» κ. Καλλιγᾶ. Ἡ μάχη κατὰ τὰς διαγωγὰς ἐξηκολούθησε, μεγάλη συμπλοκὴ ἔλαβε χώραν μεταξὺ Βουρμπιάνης καὶ Ἠνδουνοσόπιστα καὶ τοῦ Δελβίνου. Ἀπὸ τῆς πρωΐας ἤρχισαν οἱ Τουρκαλβανοί. Τέλος ἐσημειώθη αἰχμαλωτισμὸς τοῦ Φουὰτ Βέη, ἀρχηγοῦ τῶν Ἀλβανῶν.

Η ΣΥΜΠΛΟΚΗ

Ἡ συμπλοκὴ ἔλαβε χώραν παρὰ τὴν Γλύναν, Τέρρος καὶ ἄλλα. 400 περίπου Ἀλβανῶν ὑπὸ τὴν ἀρχηγίαν τοῦ Φουὰτ βέη, μεγάλου Τουρκοαλβανοῦ, ἀφοῦ ἠρήμωσε τοῦτο, ὁ ὁποῖος διέπραξε εἰς τὸ χωρίον Ραβένη. Τοῦτο ὅμως περιεβλήθη ὑπὸ ἀλλοδαπῶν καὶ ἐν τῷ μεταξὺ αἰχμαλωτίσθη Φουὰτ βέης ὑπὸ τῶν Ἑλλήνων. Τρομερὰ συμπλοκὴ ἐπῆλθε μεταξὺ ὅλων κατὰ τῶν Τούρκων, ἔτι δὲ ἀπὸ τοὺς ἄλλους Τουρκαλβανοὺς ἐξελιπόντας καὶ φυγαδευθέντας, κατέλαβε ὁ Φουὰτ βέης.

ΕΡΗΜΩΣΙΣ ΕΝ ΗΠΕΙΡΩ

Ὁ ἴδιος ἀνταποκριτὴς τοῦ «Δήμου» τῆς Ῥώμης, ἀναφέρει ὅτι μεγάλαι τῆς Ἠπείρου χώραι ἔμειναν ἐντελῶς ἔρημοι ὑπὸ τῶν κατοίκων, οἵτινες ἔφυγον πρὸς τὴν ἀκτὴν ἢ κατέφυγον εἰς τὰ ὄρη. Οἱ Τουρκαλβανοὶ ἀπεστάλησαν ἀπὸ μακρυνοῦ ἐκ Πρεβέζης καὶ πρὸς τὴν Φαναρίου πέριξ τὴν ἐκ Ἰωαννίνων ὁδὸν τοῦ Αὐλῶνος. Αἱ Ἑλληνικαὶ γυναῖκες καὶ τὰ παιδιὰ ὅλα ἀπεβιβάσθησαν.

τὰ ἐκεῖ ἑλληνικὰ χωρία. Ἐκ τούτου τὰ χωρία Ἐλλάδος καὶ πέριξ τῆς Κασσανδρείας πλησίον τῶν Ἰωαννίνων χωρίων. Καὶ ἐν γένει ἐπέστρεψαν εἰς τὰ χωρία αὐτῶν ὀλίγαι χάριτι εἰς τὴν ὄψιν τῶν Τουρκαλβανῶν.

Ο ΜΟΥΤΕΣΑΡΙΦΗΣ ΠΡΕΒΕΖΗΣ

Κατ' ἀσφαλεῖς πληροφορίας ἐντὸς τῆς σήμερον μετεφέρεται ἐνταῦθα ὁ αἰχμαλωτισθεὶς Μουτεσαρίφης Πρεβέζης μετ' ἄλλων αὐτοῦ ἀξιωματικῶν ἐν ὅλῳ 26 ἄτομα.

ΟΙ ΑΛΒΑΝΟΙ ΛΙΠΟΤΑΚΤΟΥΝ

Οἱ Τουρκαλβανοὶ ἤρχισαν νὰ ἀπογοητεύωνται καὶ νὰ χάνουν τὸ ἠθικὸν τῶν, φεύγοντες εἰς τὰ χωριὰ αὐτῶν, αἱ Ἀγγελλεῖαι ὅτι 500 Τούρκων λιποτακτοῦντων. Ἀναλύθη ὅτι τοὺς τῶν ἐλευθερωμένων τοὺς εἰς τὴν Ἰωάννινα ἀπεβιβάσθη τὰ στρατόπεδα τῆς Θεσσαλονίκης κατά τὰς τελευταίας εἰσηγήσεις.

ΘΕΑΤΡΑ

ΠΟΛΥΘΕΑΜΑ. Κατ' ἀπαίτησιν πολλῶν τὰ Πανοβαγίμαται. ΑΤΤΙΚΟΝ ΜΑΤΣ. Μία μονοπρακτικὴ οὖσα περίπου. Τὸ μέγα ἱστορικὸν δρᾶμα «Ἡ Κόρινθος Καρλόττα».

ΤΑΧΥΔΡΟΜΕΙΟΝ

ΤΕΤΑΡΤΗ, 31 Ὀκτωβρίου. — Εἰς Σύρον, Χίον, Ἀλεξάνδρειαν (Ἀγγλ. ἀτμ.). Ἔκπλους 11 καὶ 30' π.μ. Εἰς Κρήτην (Παντελεήμων) 11' π.μ.
